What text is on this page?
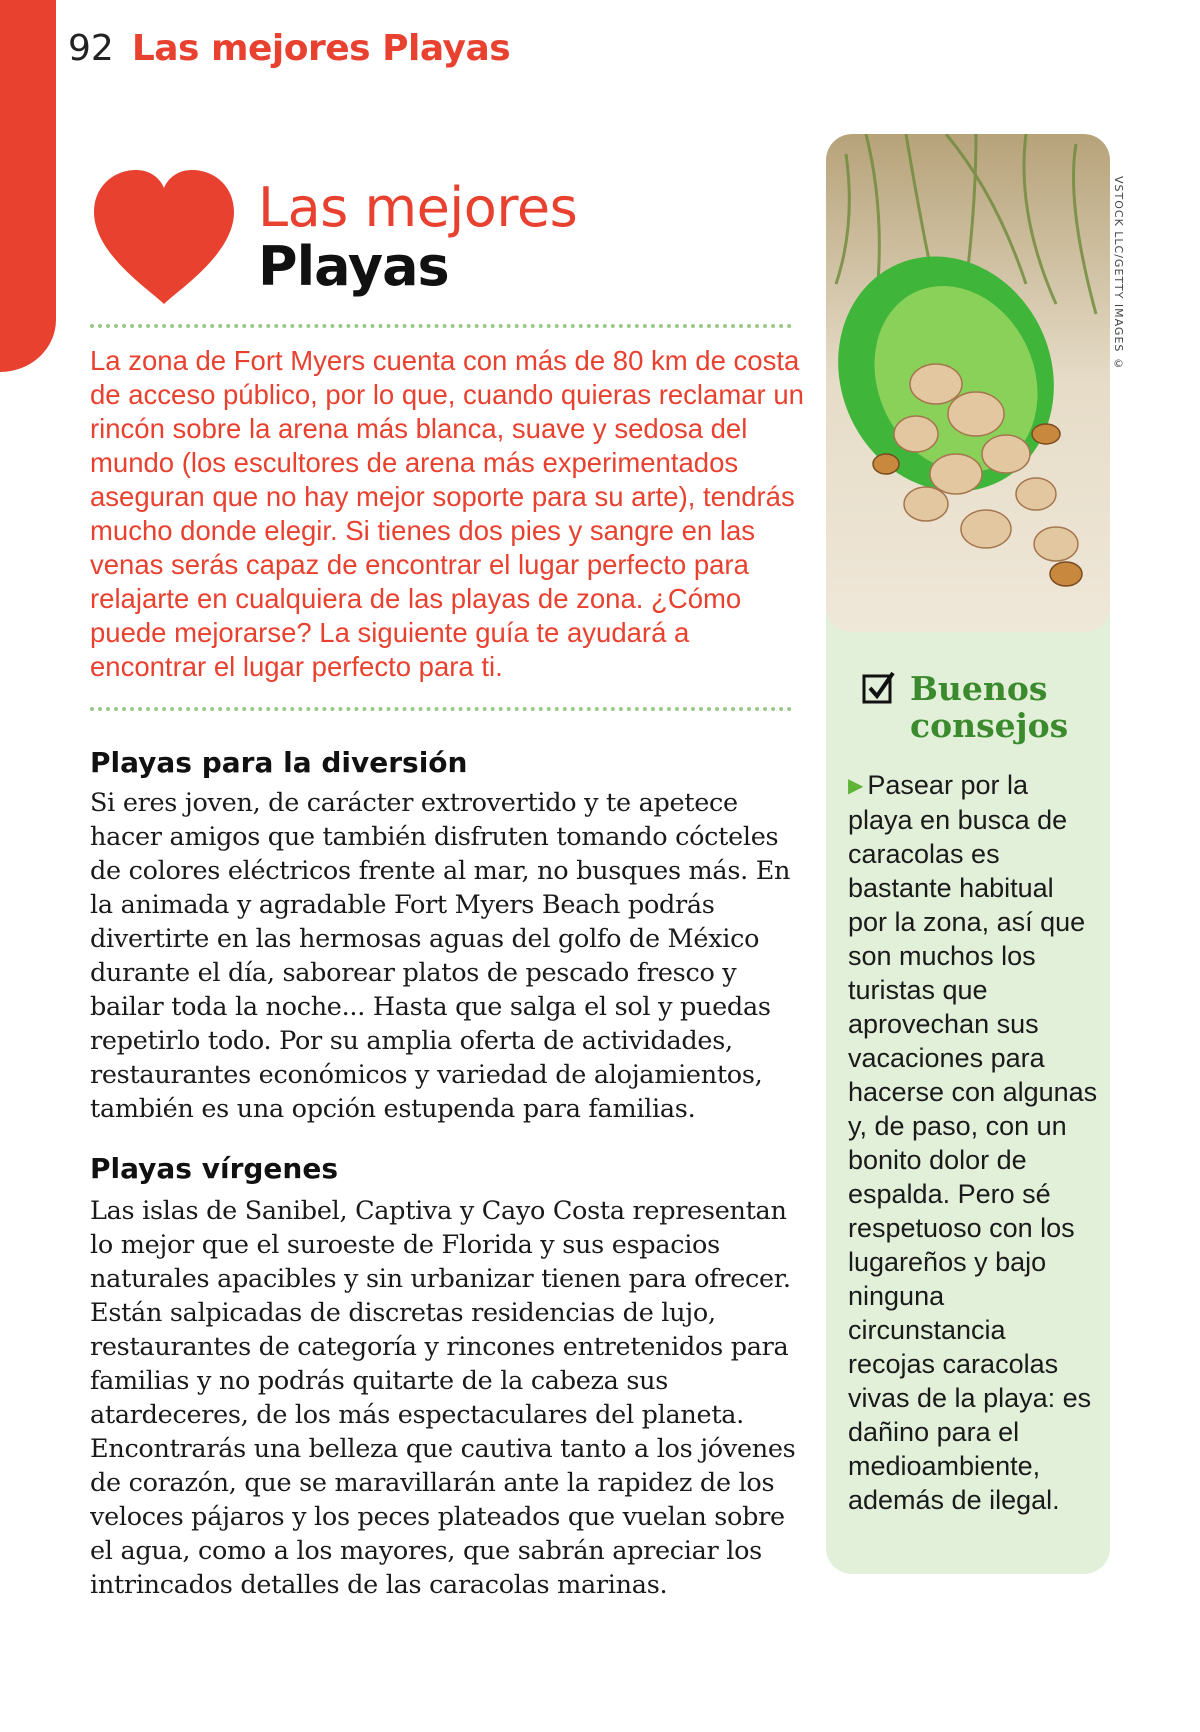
92 Las mejores Playas
Las mejores
Playas

La zona de Fort Myers cuenta con más de 80 km de costa de acceso público, por lo que, cuando quieras reclamar un rincón sobre la arena más blanca, suave y sedosa del mundo (los escultores de arena más experimentados aseguran que no hay mejor soporte para su arte), tendrás mucho donde elegir. Si tienes dos pies y sangre en las venas serás capaz de encontrar el lugar perfecto para relajarte en cualquiera de las playas de zona. ¿Cómo puede mejorarse? La siguiente guía te ayudará a encontrar el lugar perfecto para ti.

Playas para la diversión

Si eres joven, de carácter extrovertido y te apetece hacer amigos que también disfruten tomando cócteles de colores eléctricos frente al mar, no busques más. En la animada y agradable Fort Myers Beach podrás divertirte en las hermosas aguas del golfo de México durante el día, saborear platos de pescado fresco y bailar toda la noche... Hasta que salga el sol y puedas repetirlo todo. Por su amplia oferta de actividades, restaurantes económicos y variedad de alojamientos, también es una opción estupenda para familias.

Playas vírgenes

Las islas de Sanibel, Captiva y Cayo Costa representan lo mejor que el suroeste de Florida y sus espacios naturales apacibles y sin urbanizar tienen para ofrecer. Están salpicadas de discretas residencias de lujo, restaurantes de categoría y rincones entretenidos para familias y no podrás quitarte de la cabeza sus atardeceres, de los más espectaculares del planeta. Encontrarás una belleza que cautiva tanto a los jóvenes de corazón, que se maravillarán ante la rapidez de los veloces pájaros y los peces plateados que vuelan sobre el agua, como a los mayores, que sabrán apreciar los intrincados detalles de las caracolas marinas.

Buenos
consejos

▶ Pasear por la playa en busca de caracolas es bastante habitual por la zona, así que son muchos los turistas que aprovechan sus vacaciones para hacerse con algunas y, de paso, con un bonito dolor de espalda. Pero sé respetuoso con los lugareños y bajo ninguna circunstancia recojas caracolas vivas de la playa: es dañino para el medioambiente, además de ilegal.

VSTOCK LLC/GETTY IMAGES ©
